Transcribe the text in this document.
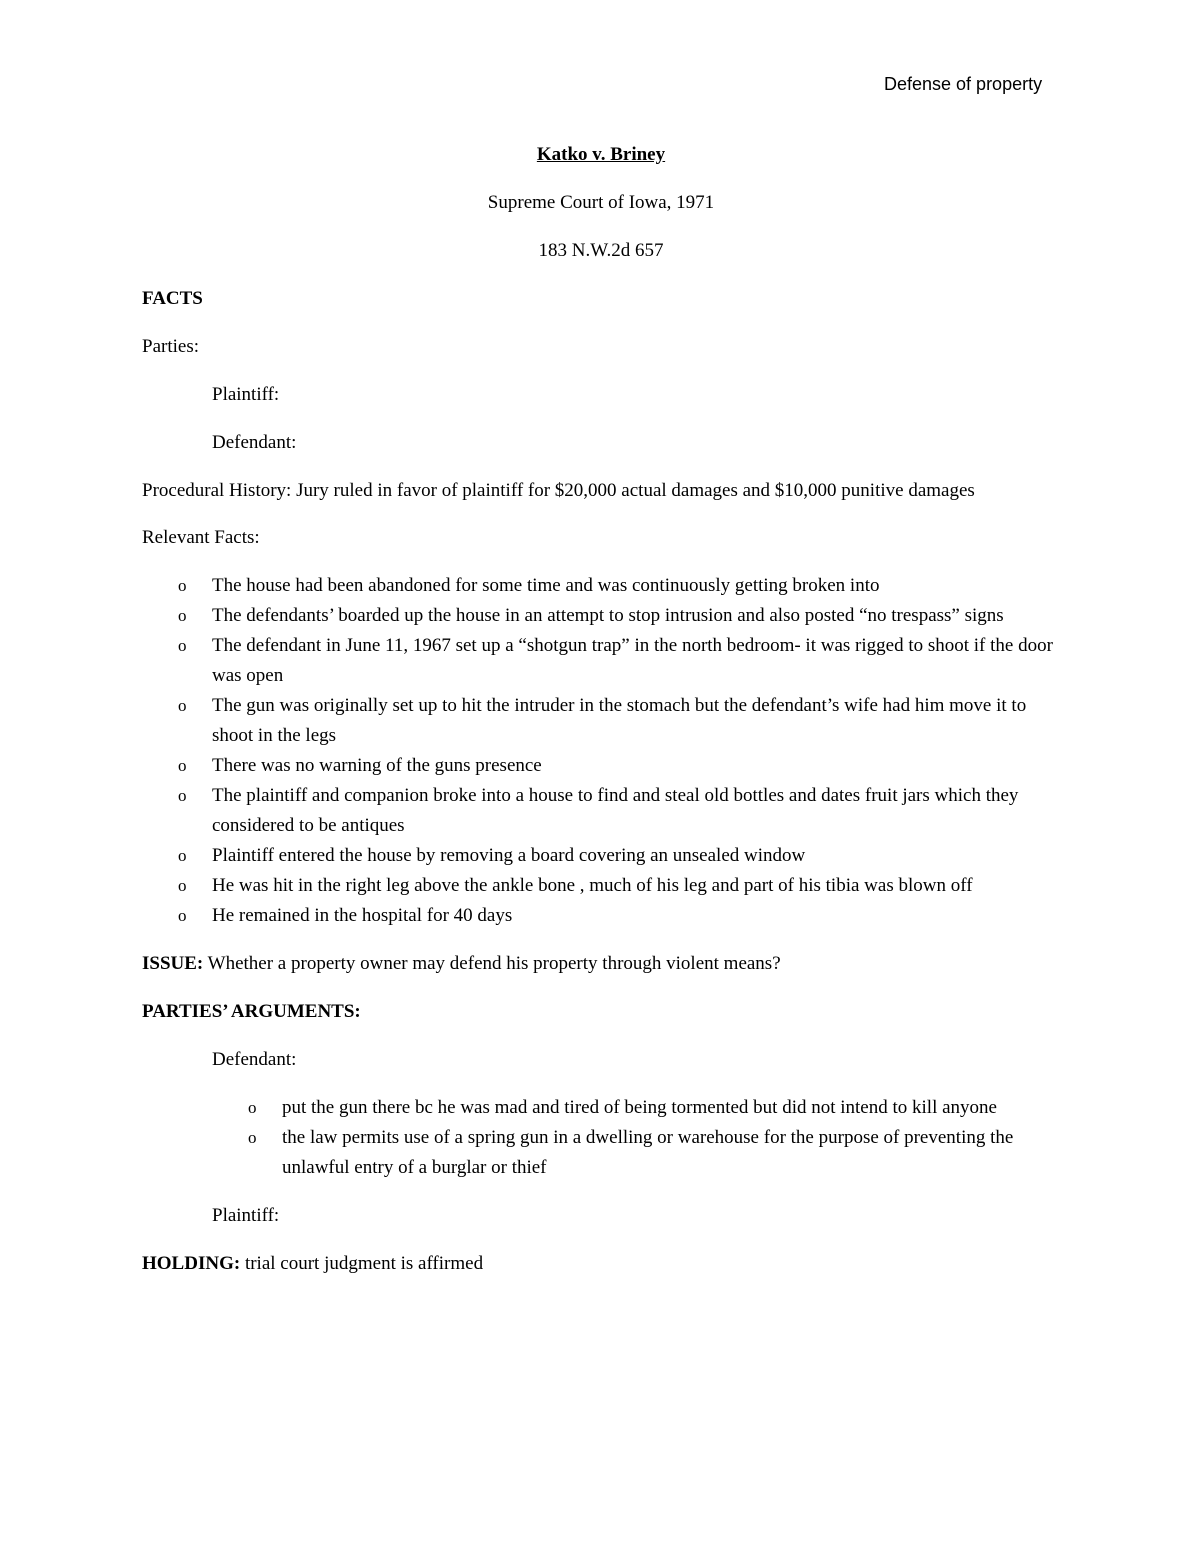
Defense of property
Katko v. Briney
Supreme Court of Iowa, 1971
183 N.W.2d 657
FACTS
Parties:
Plaintiff:
Defendant:
Procedural History: Jury ruled in favor of plaintiff for $20,000 actual damages and $10,000 punitive damages
Relevant Facts:
o The house had been abandoned for some time and was continuously getting broken into
o The defendants’ boarded up the house in an attempt to stop intrusion and also posted “no trespass” signs
o The defendant in June 11, 1967 set up a “shotgun trap” in the north bedroom- it was rigged to shoot if the door was open
o The gun was originally set up to hit the intruder in the stomach but the defendant’s wife had him move it to shoot in the legs
o There was no warning of the guns presence
o The plaintiff and companion broke into a house to find and steal old bottles and dates fruit jars which they considered to be antiques
o Plaintiff entered the house by removing a board covering an unsealed window
o He was hit in the right leg above the ankle bone , much of his leg and part of his tibia was blown off
o He remained in the hospital for 40 days
ISSUE: Whether a property owner may defend his property through violent means?
PARTIES’ ARGUMENTS:
Defendant:
o put the gun there bc he was mad and tired of being tormented but did not intend to kill anyone
o the law permits use of a spring gun in a dwelling or warehouse for the purpose of preventing the unlawful entry of a burglar or thief
Plaintiff:
HOLDING: trial court judgment is affirmed
